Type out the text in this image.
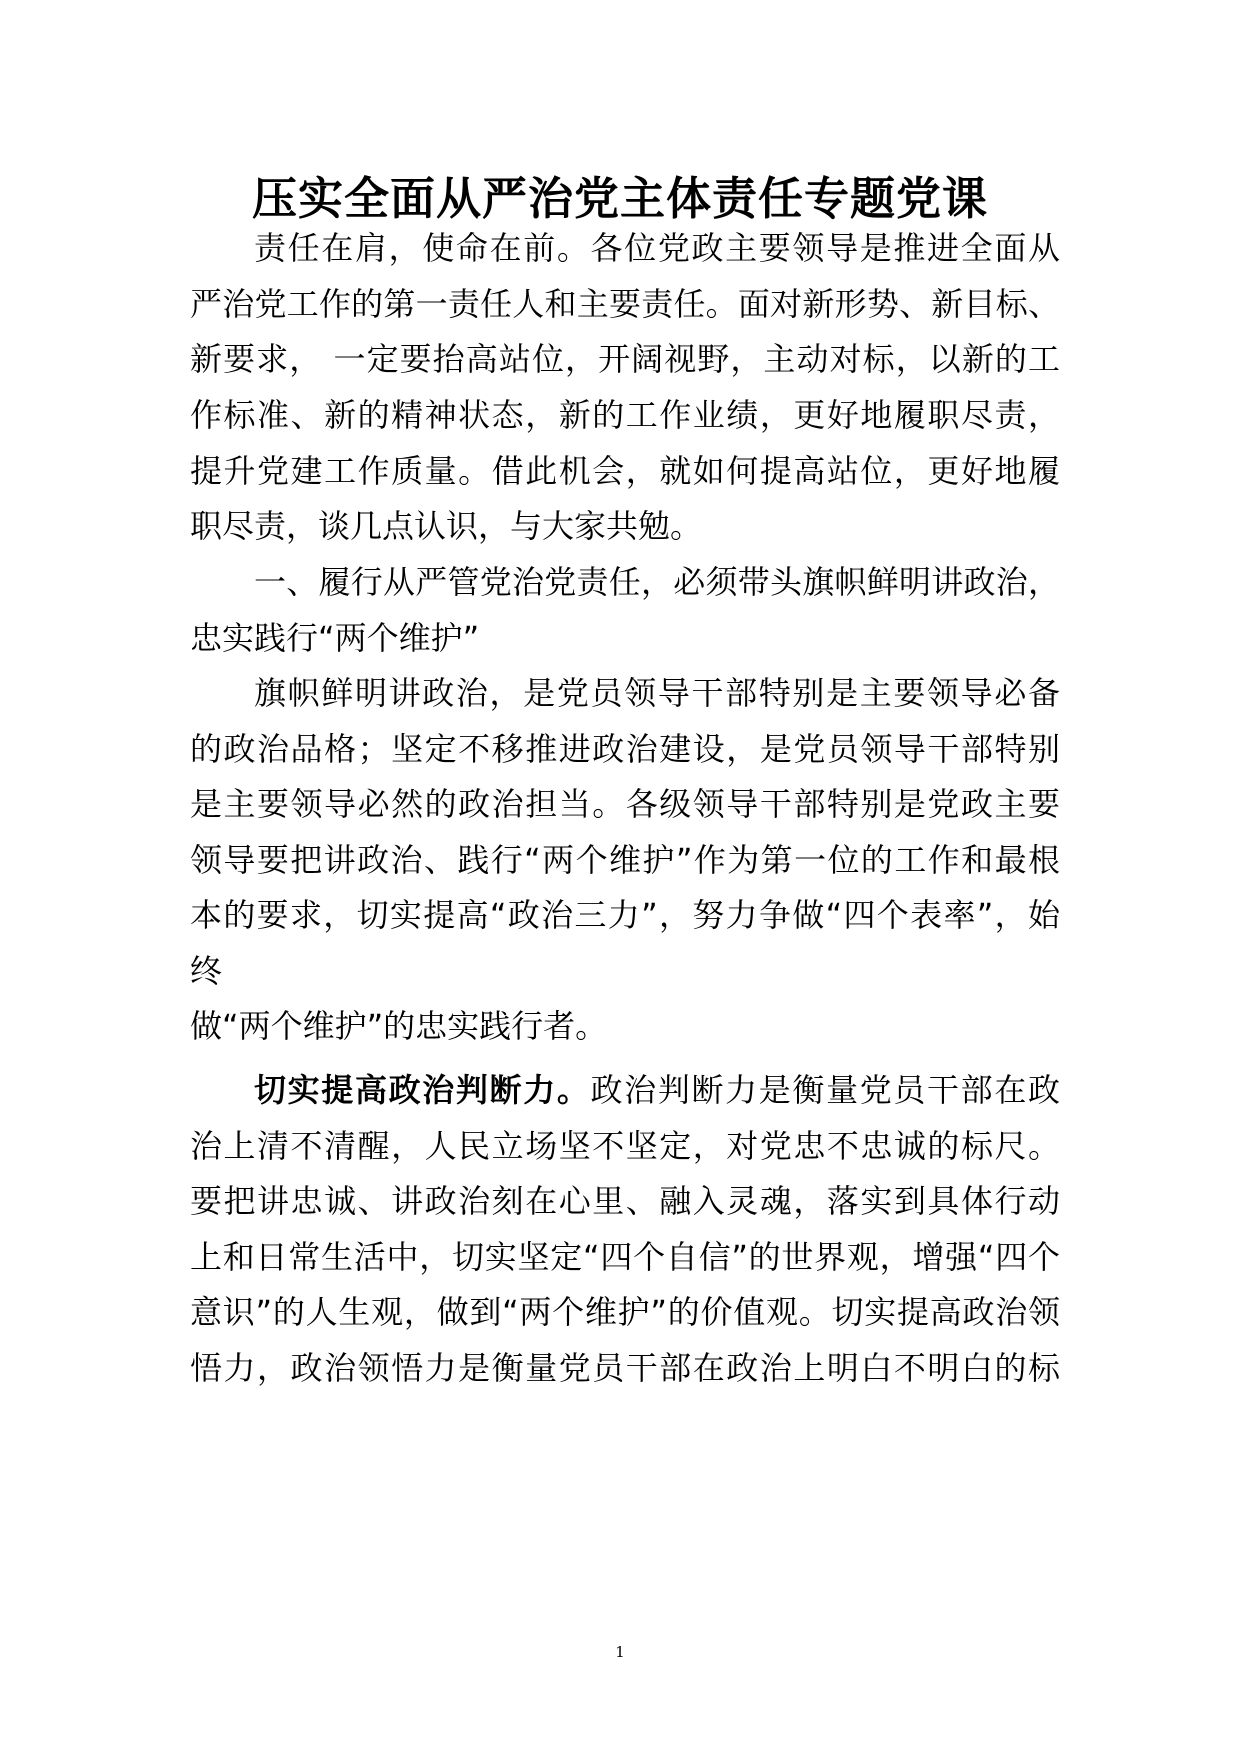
压实全面从严治党主体责任专题党课

责任在肩，使命在前。各位党政主要领导是推进全面从

严治党工作的第一责任人和主要责任。面对新形势、新目标、

新要求， 一定要抬高站位，开阔视野，主动对标，以新的工

作标准、新的精神状态，新的工作业绩，更好地履职尽责，

提升党建工作质量。借此机会，就如何提高站位，更好地履

职尽责，谈几点认识，与大家共勉。

一、履行从严管党治党责任，必须带头旗帜鲜明讲政治，

忠实践行“两个维护”

旗帜鲜明讲政治，是党员领导干部特别是主要领导必备

的政治品格；坚定不移推进政治建设，是党员领导干部特别

是主要领导必然的政治担当。各级领导干部特别是党政主要

领导要把讲政治、践行“两个维护”作为第一位的工作和最根

本的要求，切实提高“政治三力”，努力争做“四个表率”，始

终

做“两个维护”的忠实践行者。

切实提高政治判断力。政治判断力是衡量党员干部在政

治上清不清醒，人民立场坚不坚定，对党忠不忠诚的标尺。

要把讲忠诚、讲政治刻在心里、融入灵魂，落实到具体行动

上和日常生活中，切实坚定“四个自信”的世界观，增强“四个

意识”的人生观，做到“两个维护”的价值观。切实提高政治领

悟力，政治领悟力是衡量党员干部在政治上明白不明白的标

1
